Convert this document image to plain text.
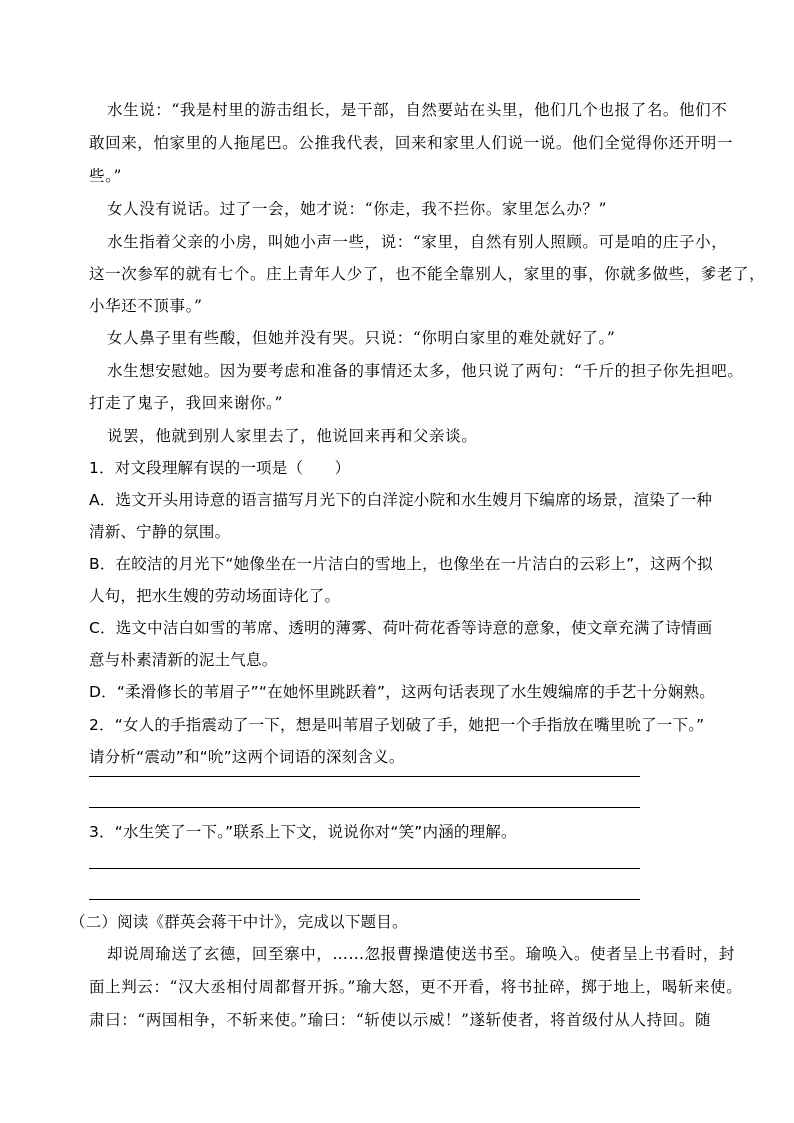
水生说：“我是村里的游击组长，是干部，自然要站在头里，他们几个也报了名。他们不
敢回来，怕家里的人拖尾巴。公推我代表，回来和家里人们说一说。他们全觉得你还开明一
些。”
女人没有说话。过了一会，她才说：“你走，我不拦你。家里怎么办？”
水生指着父亲的小房，叫她小声一些，说：“家里，自然有别人照顾。可是咱的庄子小，
这一次参军的就有七个。庄上青年人少了，也不能全靠别人，家里的事，你就多做些，爹老了，
小华还不顶事。”
女人鼻子里有些酸，但她并没有哭。只说：“你明白家里的难处就好了。”
水生想安慰她。因为要考虑和准备的事情还太多，他只说了两句：“千斤的担子你先担吧。
打走了鬼子，我回来谢你。”
说罢，他就到别人家里去了，他说回来再和父亲谈。
1．对文段理解有误的一项是（　　）
A．选文开头用诗意的语言描写月光下的白洋淀小院和水生嫂月下编席的场景，渲染了一种
清新、宁静的氛围。
B．在皎洁的月光下“她像坐在一片洁白的雪地上，也像坐在一片洁白的云彩上”，这两个拟
人句，把水生嫂的劳动场面诗化了。
C．选文中洁白如雪的苇席、透明的薄雾、荷叶荷花香等诗意的意象，使文章充满了诗情画
意与朴素清新的泥土气息。
D．“柔滑修长的苇眉子”“在她怀里跳跃着”，这两句话表现了水生嫂编席的手艺十分娴熟。
2．“女人的手指震动了一下，想是叫苇眉子划破了手，她把一个手指放在嘴里吮了一下。”
请分析“震动”和“吮”这两个词语的深刻含义。
3．“水生笑了一下。”联系上下文，说说你对“笑”内涵的理解。
（二）阅读《群英会蒋干中计》，完成以下题目。
却说周瑜送了玄德，回至寨中，……忽报曹操遣使送书至。瑜唤入。使者呈上书看时，封
面上判云：“汉大丞相付周都督开拆。”瑜大怒，更不开看，将书扯碎，掷于地上，喝斩来使。
肃曰：“两国相争，不斩来使。”瑜曰：“斩使以示威！”遂斩使者，将首级付从人持回。随
